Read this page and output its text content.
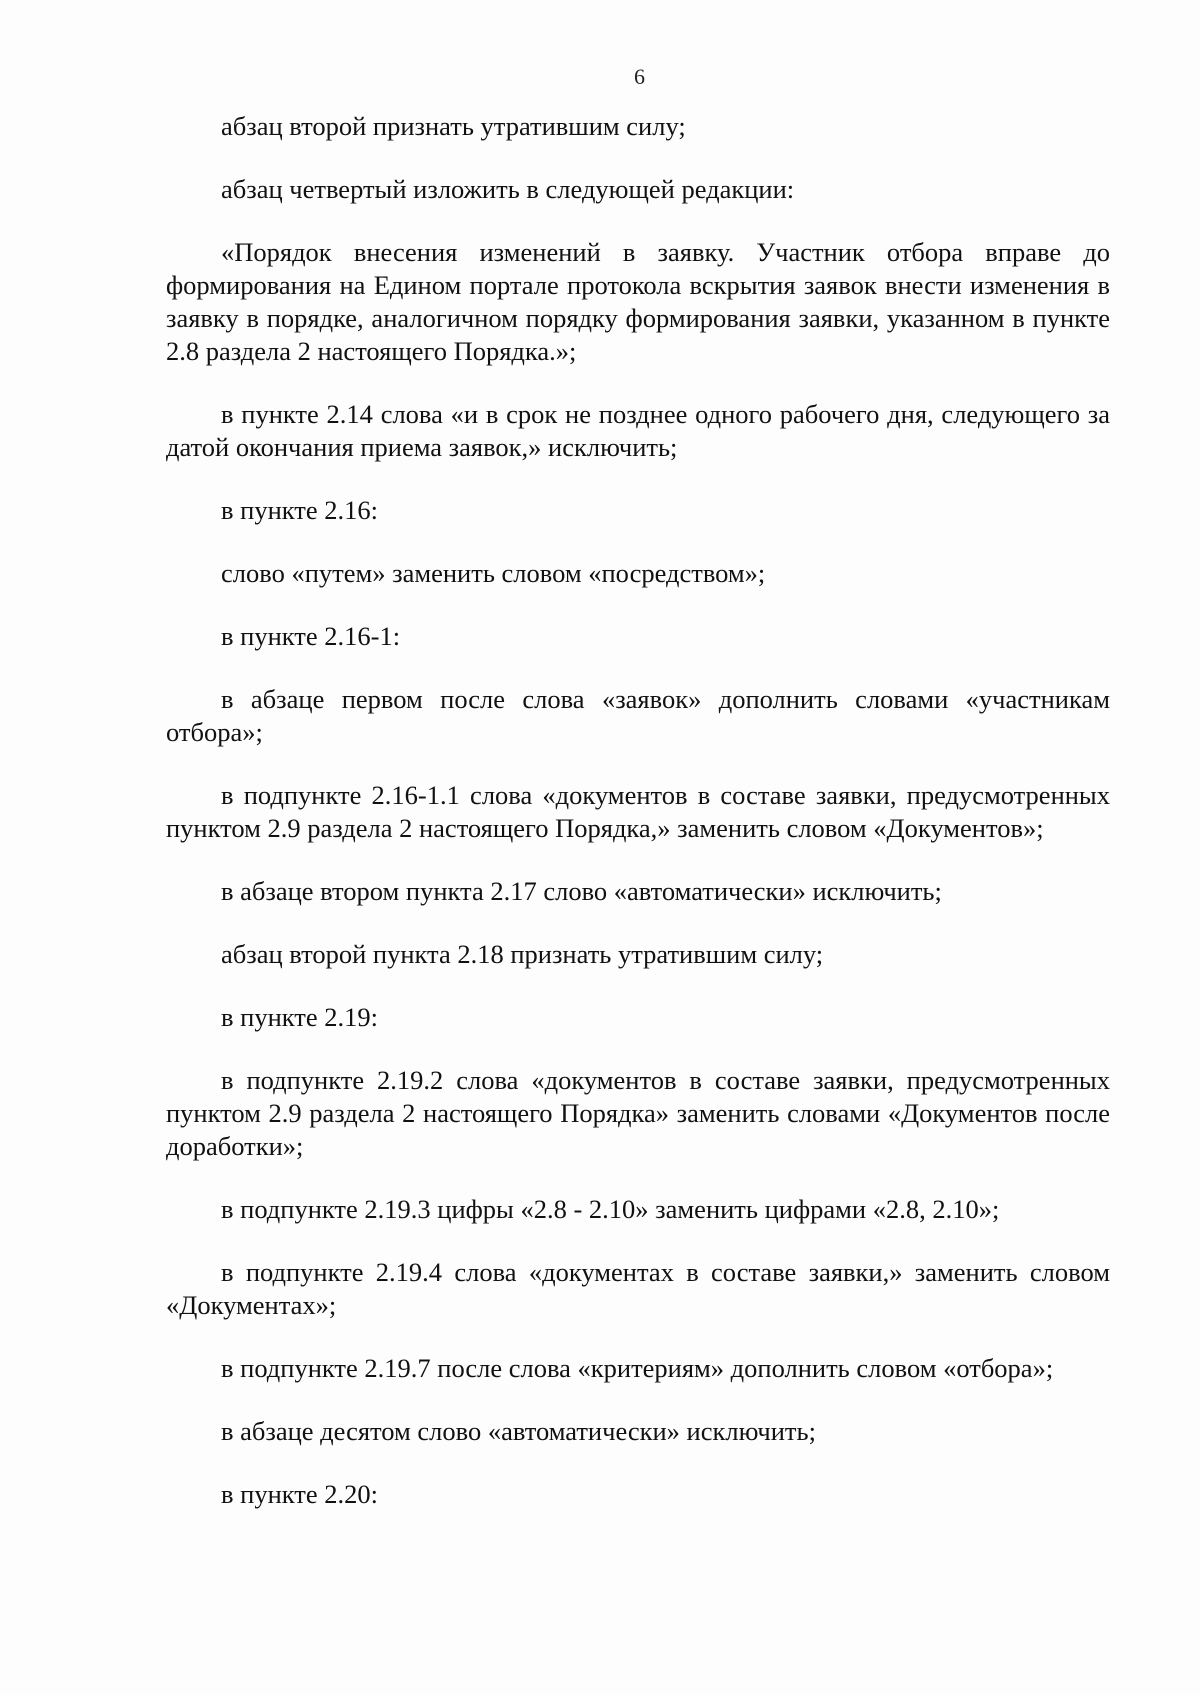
6

абзац второй признать утратившим силу;

абзац четвертый изложить в следующей редакции:

«Порядок внесения изменений в заявку. Участник отбора вправе до формирования на Едином портале протокола вскрытия заявок внести изменения в заявку в порядке, аналогичном порядку формирования заявки, указанном в пункте 2.8 раздела 2 настоящего Порядка.»;

в пункте 2.14 слова «и в срок не позднее одного рабочего дня, следующего за датой окончания приема заявок,» исключить;

в пункте 2.16:

слово «путем» заменить словом «посредством»;

в пункте 2.16-1:

в абзаце первом после слова «заявок» дополнить словами «участникам отбора»;

в подпункте 2.16-1.1 слова «документов в составе заявки, предусмотренных пунктом 2.9 раздела 2 настоящего Порядка,» заменить словом «Документов»;

в абзаце втором пункта 2.17 слово «автоматически» исключить;

абзац второй пункта 2.18 признать утратившим силу;

в пункте 2.19:

в подпункте 2.19.2 слова «документов в составе заявки, предусмотренных пунктом 2.9 раздела 2 настоящего Порядка» заменить словами «Документов после доработки»;

в подпункте 2.19.3 цифры «2.8 - 2.10» заменить цифрами «2.8, 2.10»;

в подпункте 2.19.4 слова «документах в составе заявки,» заменить словом «Документах»;

в подпункте 2.19.7 после слова «критериям» дополнить словом «отбора»;

в абзаце десятом слово «автоматически» исключить;

в пункте 2.20:
